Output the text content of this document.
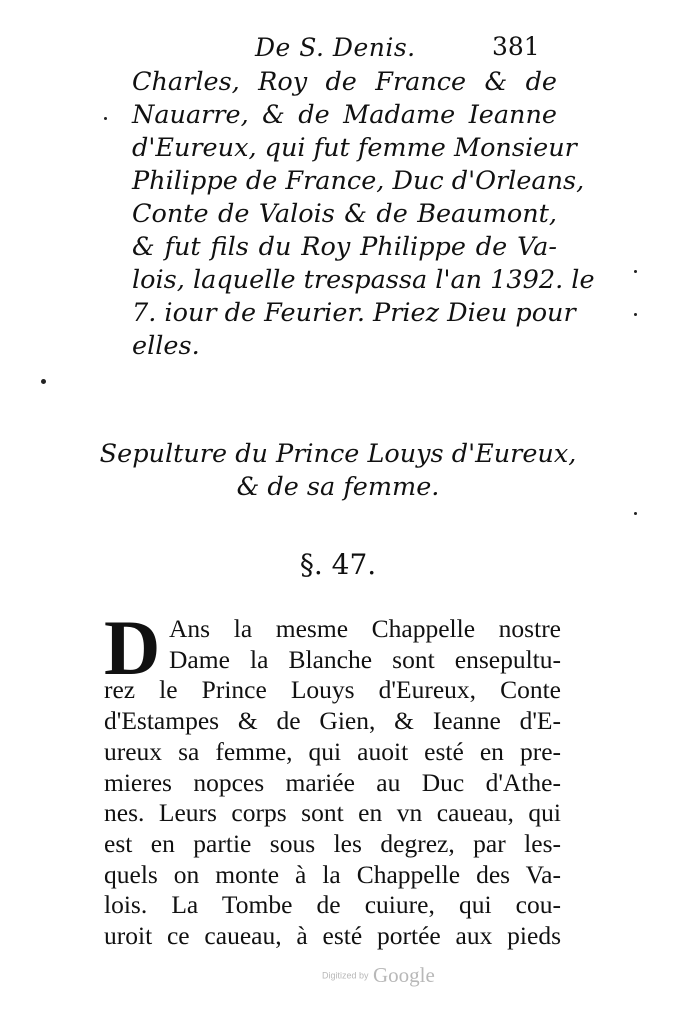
De S. Denis.	381
Charles, Roy de France & de
Nauarre, & de Madame Ieanne
d'Eureux, qui fut femme Monsieur
Philippe de France, Duc d'Orleans,
Conte de Valois & de Beaumont,
& fut fils du Roy Philippe de Va-
lois, laquelle trespassa l'an 1392. le
7. iour de Feurier. Priez Dieu pour
elles.
Sepulture du Prince Louys d'Eureux,
& de sa femme.
§. 47.
D Ans la mesme Chappelle nostre
Dame la Blanche sont ensepultu-
rez le Prince Louys d'Eureux, Conte
d'Estampes & de Gien, & Ieanne d'E-
ureux sa femme, qui auoit esté en pre-
mieres nopces mariée au Duc d'Athe-
nes. Leurs corps sont en vn caueau, qui
est en partie sous les degrez, par les-
quels on monte à la Chappelle des Va-
lois. La Tombe de cuiure, qui cou-
uroit ce caueau, à esté portée aux pieds
Digitized by Google
